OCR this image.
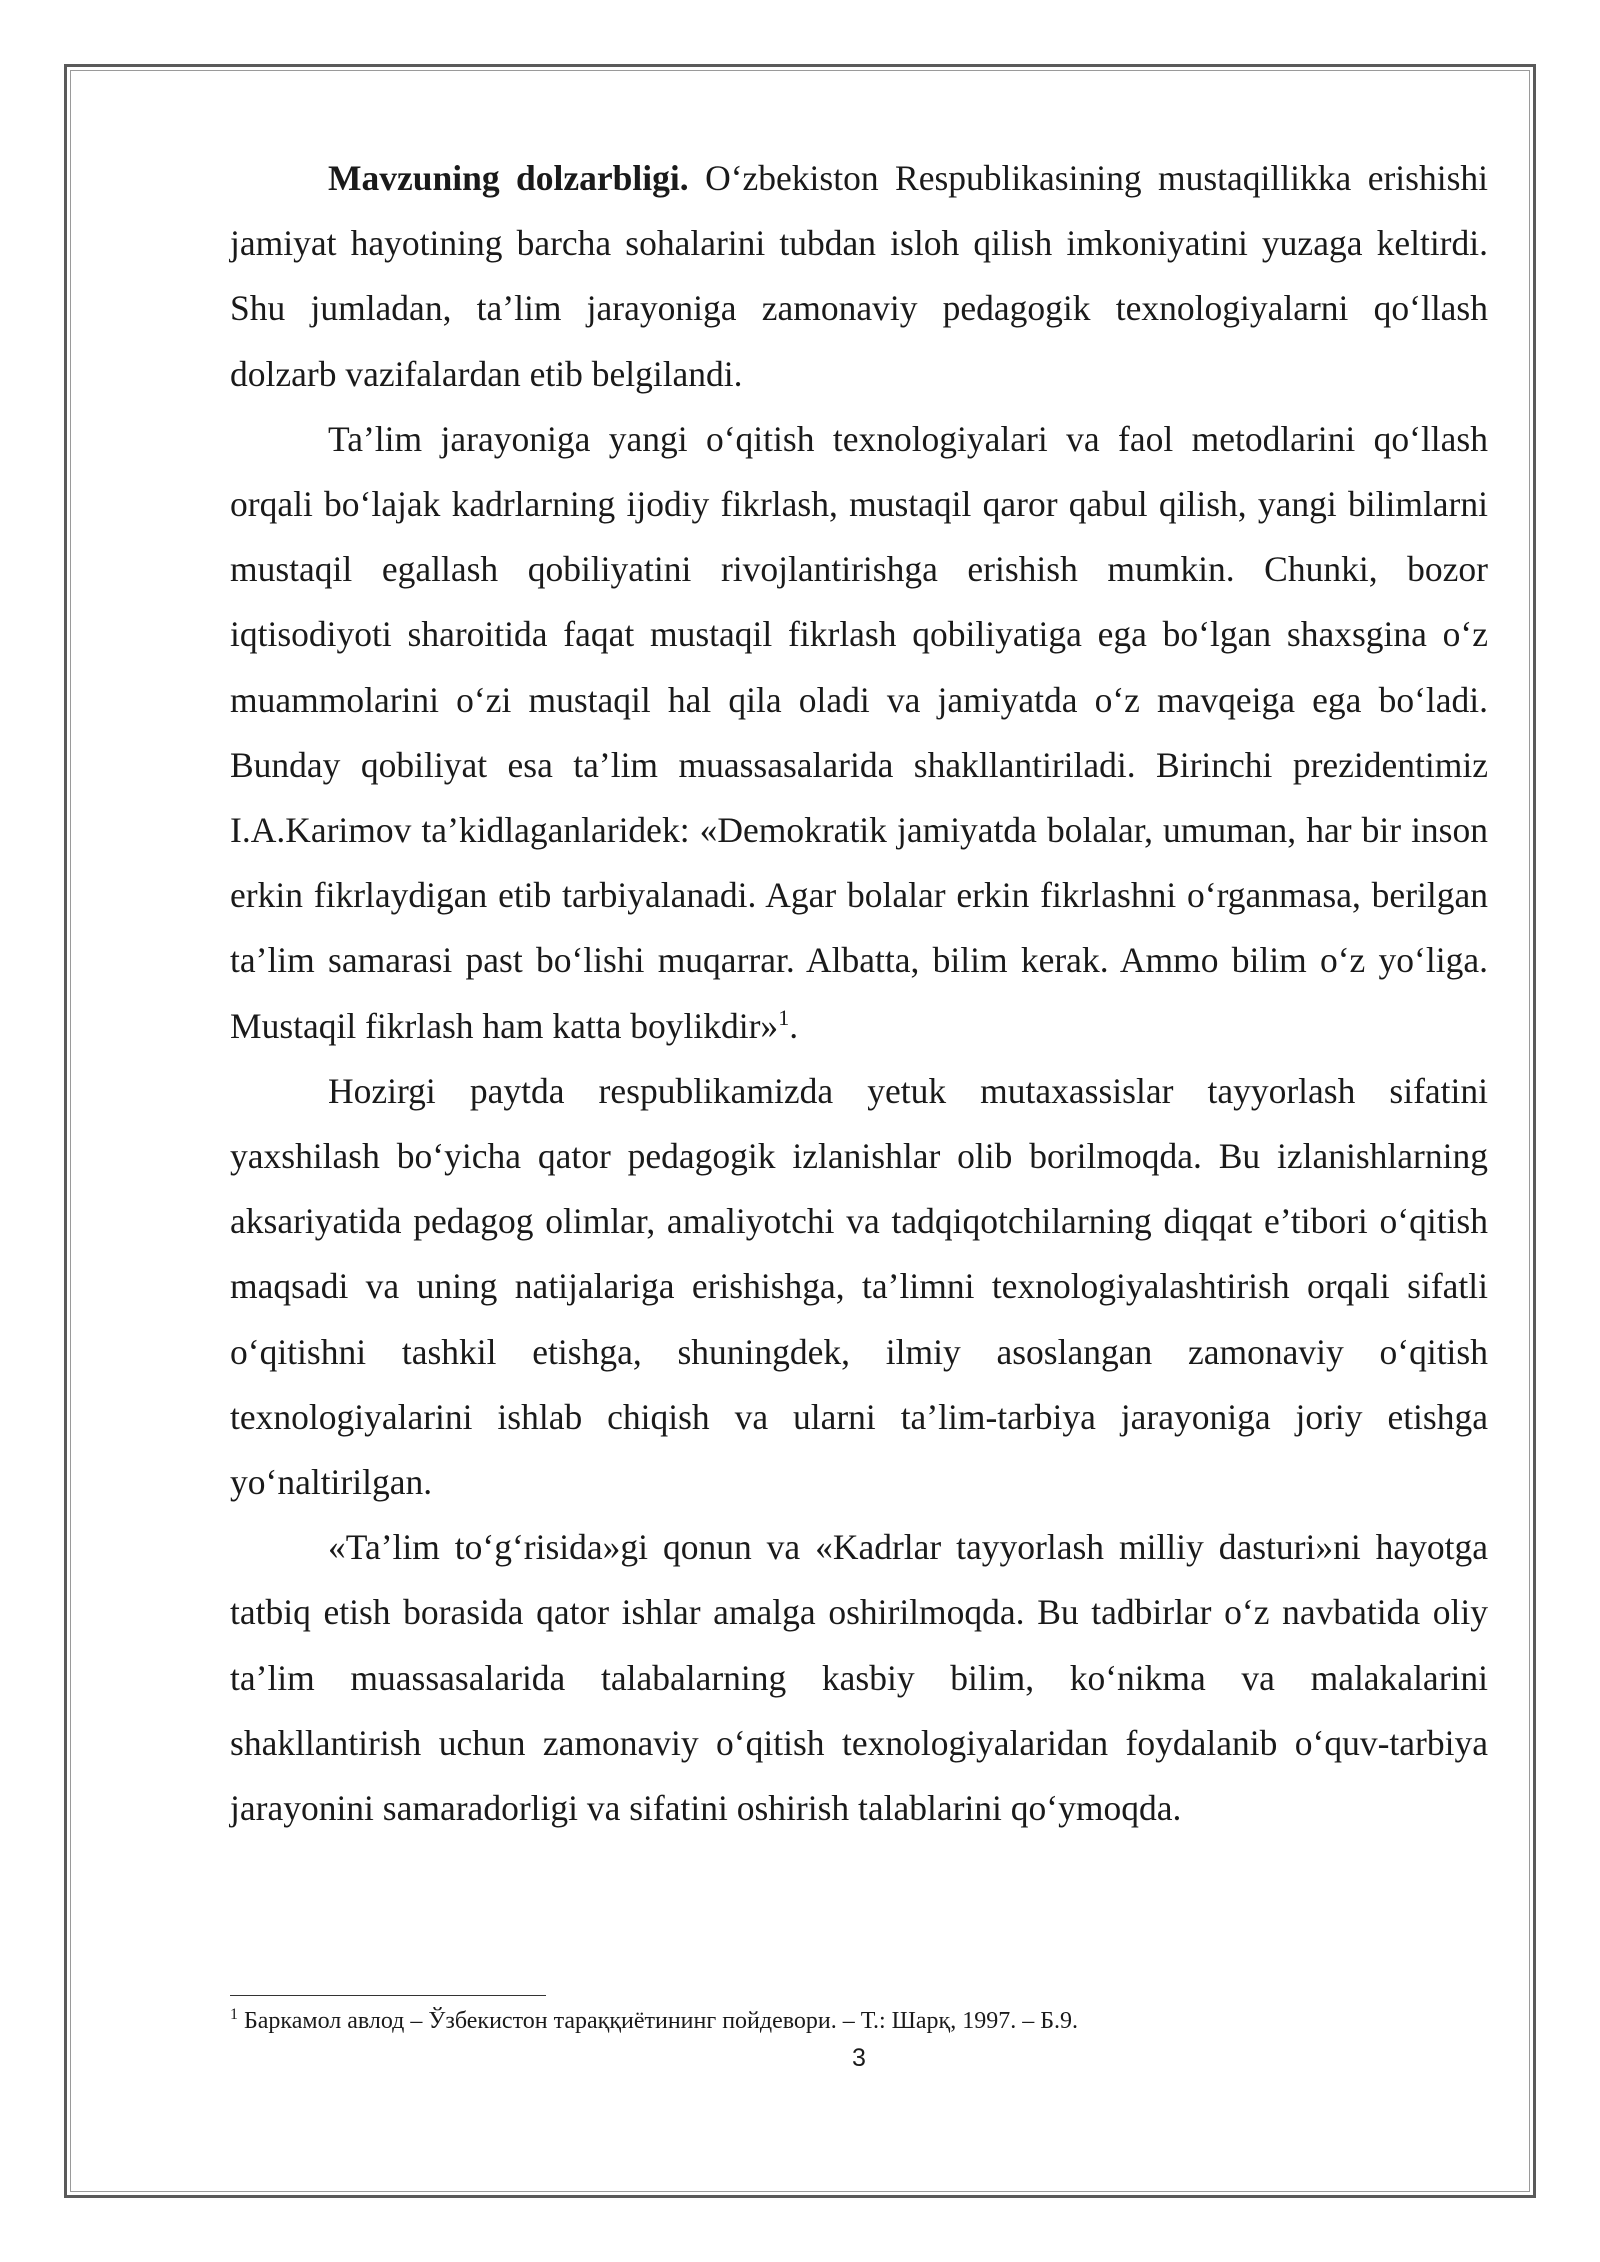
Mavzuning dolzarbligi. O‘zbekiston Respublikasining mustaqillikka erishishi jamiyat hayotining barcha sohalarini tubdan isloh qilish imkoniyatini yuzaga keltirdi. Shu jumladan, ta’lim jarayoniga zamonaviy pedagogik texnologiyalarni qo‘llash dolzarb vazifalardan etib belgilandi.

Ta’lim jarayoniga yangi o‘qitish texnologiyalari va faol metodlarini qo‘llash orqali bo‘lajak kadrlarning ijodiy fikrlash, mustaqil qaror qabul qilish, yangi bilimlarni mustaqil egallash qobiliyatini rivojlantirishga erishish mumkin. Chunki, bozor iqtisodiyoti sharoitida faqat mustaqil fikrlash qobiliyatiga ega bo‘lgan shaxsgina o‘z muammolarini o‘zi mustaqil hal qila oladi va jamiyatda o‘z mavqeiga ega bo‘ladi. Bunday qobiliyat esa ta’lim muassasalarida shakllantiriladi. Birinchi prezidentimiz I.A.Karimov ta’kidlaganlaridek: «Demokratik jamiyatda bolalar, umuman, har bir inson erkin fikrlaydigan etib tarbiyalanadi. Agar bolalar erkin fikrlashni o‘rganmasa, berilgan ta’lim samarasi past bo‘lishi muqarrar. Albatta, bilim kerak. Ammo bilim o‘z yo‘liga. Mustaqil fikrlash ham katta boylikdir»$^1$.

Hozirgi paytda respublikamizda yetuk mutaxassislar tayyorlash sifatini yaxshilash bo‘yicha qator pedagogik izlanishlar olib borilmoqda. Bu izlanishlarning aksariyatida pedagog olimlar, amaliyotchi va tadqiqotchilarning diqqat e’tibori o‘qitish maqsadi va uning natijalariga erishishga, ta’limni texnologiyalashtirish orqali sifatli o‘qitishni tashkil etishga, shuningdek, ilmiy asoslangan zamonaviy o‘qitish texnologiyalarini ishlab chiqish va ularni ta’lim-tarbiya jarayoniga joriy etishga yo‘naltirilgan.

«Ta’lim to‘g‘risida»gi qonun va «Kadrlar tayyorlash milliy dasturi»ni hayotga tatbiq etish borasida qator ishlar amalga oshirilmoqda. Bu tadbirlar o‘z navbatida oliy ta’lim muassasalarida talabalarning kasbiy bilim, ko‘nikma va malakalarini shakllantirish uchun zamonaviy o‘qitish texnologiyalaridan foydalanib o‘quv-tarbiya jarayonini samaradorligi va sifatini oshirish talablarini qo‘ymoqda.

$^1$ Баркамол авлод – Ўзбекистон тараққиётининг пойдевори. – Т.: Шарқ, 1997. – Б.9.
3
